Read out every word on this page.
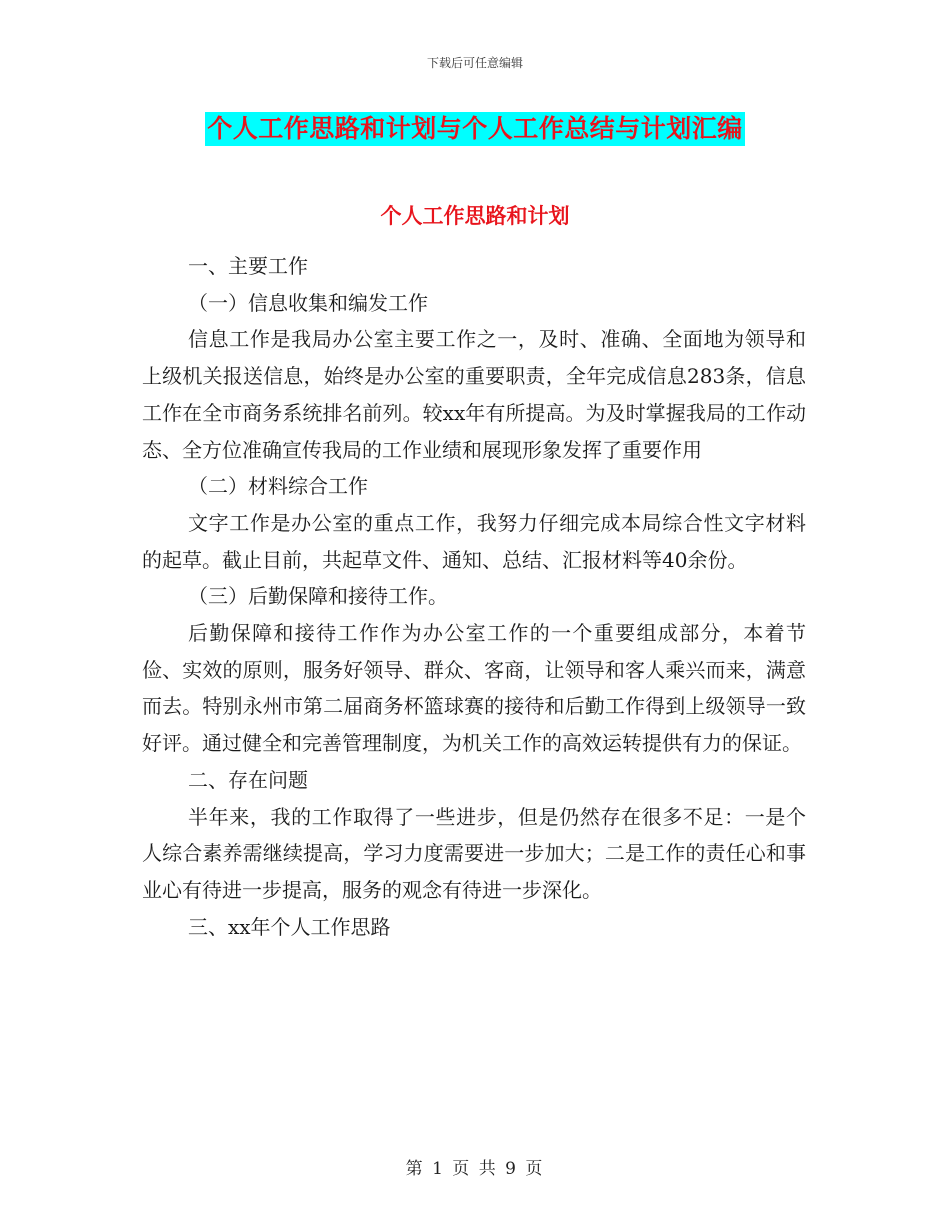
下载后可任意编辑
个人工作思路和计划与个人工作总结与计划汇编
个人工作思路和计划

一、主要工作

（一）信息收集和编发工作

信息工作是我局办公室主要工作之一，及时、准确、全面地为领导和上级机关报送信息，始终是办公室的重要职责，全年完成信息283条，信息工作在全市商务系统排名前列。较xx年有所提高。为及时掌握我局的工作动态、全方位准确宣传我局的工作业绩和展现形象发挥了重要作用

（二）材料综合工作

文字工作是办公室的重点工作，我努力仔细完成本局综合性文字材料的起草。截止目前，共起草文件、通知、总结、汇报材料等40余份。

（三）后勤保障和接待工作。

后勤保障和接待工作作为办公室工作的一个重要组成部分，本着节俭、实效的原则，服务好领导、群众、客商，让领导和客人乘兴而来，满意而去。特别永州市第二届商务杯篮球赛的接待和后勤工作得到上级领导一致好评。通过健全和完善管理制度，为机关工作的高效运转提供有力的保证。

二、存在问题

半年来，我的工作取得了一些进步，但是仍然存在很多不足：一是个人综合素养需继续提高，学习力度需要进一步加大；二是工作的责任心和事业心有待进一步提高，服务的观念有待进一步深化。

三、xx年个人工作思路

第 1 页 共 9 页
